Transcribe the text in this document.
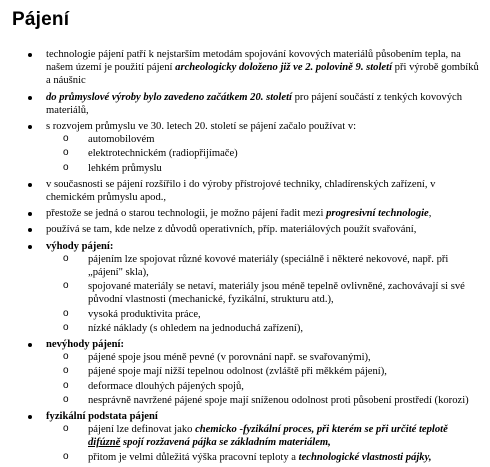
Pájení
technologie pájení patří k nejstarším metodám spojování kovových materiálů působením tepla, na našem území je použití pájení archeologicky doloženo již ve 2. polovině 9. století při výrobě gombíků a náušnic
do průmyslové výroby bylo zavedeno začátkem 20. století pro pájení součástí z tenkých kovových materiálů,
s rozvojem průmyslu ve 30. letech 20. století se pájení začalo používat v:
o automobilovém
o elektrotechnickém (radiopřijímače)
o lehkém průmyslu
v současnosti se pájení rozšířilo i do výroby přístrojové techniky, chladírenských zařízení, v chemickém průmyslu apod.,
přestože se jedná o starou technologii, je možno pájení řadit mezi progresivní technologie,
používá se tam, kde nelze z důvodů operativních, příp. materiálových použít svařování,
výhody pájení:
o pájením lze spojovat různé kovové materiály (speciálně i některé nekovové, např. při „pájení" skla),
o spojované materiály se netaví, materiály jsou méně tepelně ovlivněné, zachovávají si své původní vlastnosti (mechanické, fyzikální, strukturu atd.),
o vysoká produktivita práce,
o nízké náklady (s ohledem na jednoduchá zařízení),
nevýhody pájení:
o pájené spoje jsou méně pevné (v porovnání např. se svařovanými),
o pájené spoje mají nižší tepelnou odolnost (zvláště při měkkém pájení),
o deformace dlouhých pájených spojů,
o nesprávně navržené pájené spoje mají sníženou odolnost proti působení prostředí (korozi)
fyzikální podstata pájení
o pájení lze definovat jako chemicko -fyzikální proces, při kterém se při určité teplotě difúzně spojí rozžavená pájka se základním materiálem,
o přitom je velmi důležitá výška pracovní teploty a technologické vlastnosti pájky,
